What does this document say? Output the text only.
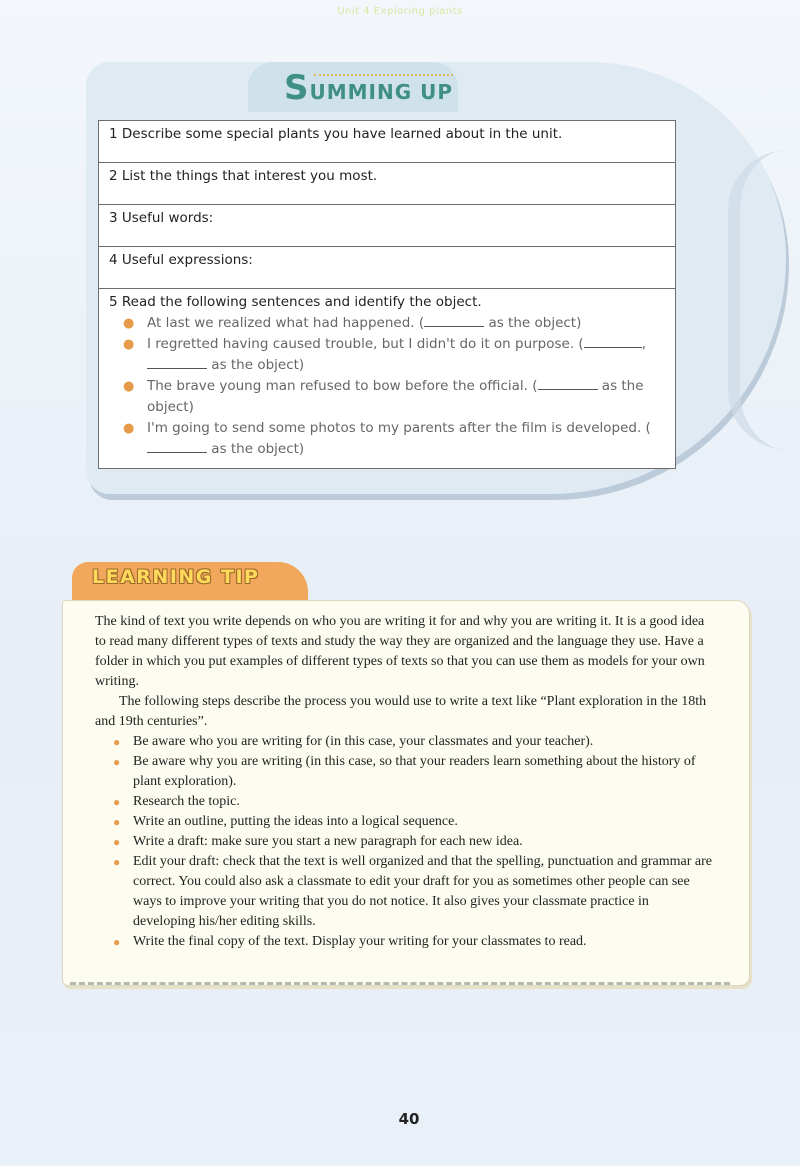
Unit 4 Exploring plants
S UMMING UP
1 Describe some special plants you have learned about in the unit.
2 List the things that interest you most.
3 Useful words:
4 Useful expressions:
5 Read the following sentences and identify the object.
● At last we realized what had happened. (	as the object)
● I regretted having caused trouble, but I didn't do it on purpose. (	,
as the object)
● The brave young man refused to bow before the official. (	as the object)
● I'm going to send some photos to my parents after the film is developed. ( as the object)
LEARNING TIP

The kind of text you write depends on who you are writing it for and why you are writing it. It is a good idea to read many different types of texts and study the way they are organized and the language they use. Have a folder in which you put examples of different types of texts so that you can use them as models for your own writing.

The following steps describe the process you would use to write a text like “Plant exploration in the 18th and 19th centuries”.

● Be aware who you are writing for (in this case, your classmates and your teacher).
● Be aware why you are writing (in this case, so that your readers learn something about the history of plant exploration).
● Research the topic.
● Write an outline, putting the ideas into a logical sequence.
● Write a draft: make sure you start a new paragraph for each new idea.
● Edit your draft: check that the text is well organized and that the spelling, punctuation and grammar are correct. You could also ask a classmate to edit your draft for you as sometimes other people can see ways to improve your writing that you do not notice. It also gives your classmate practice in developing his/her editing skills.
● Write the final copy of the text. Display your writing for your classmates to read.
40
